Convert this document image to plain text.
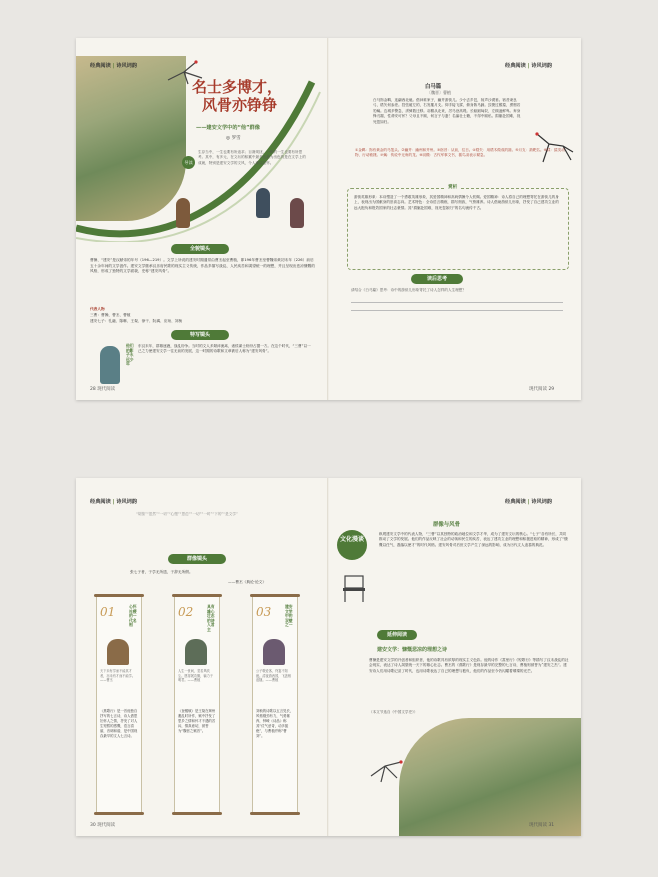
经典阅读 | 诗风词韵
名士多博才，
风骨亦铮铮
——建安文学中的“他”群像
◎ 罗雪
导读
生存当中，一生也要有所追求；百赛烦扰，一般的一生也要有所思考。其中，有多元，在文坛的积累中最多也最为出色的是在文学上的成就，特别是建安文学的文风，令人难以忘怀。
全貌镜头
曹操、“建安”是汉献帝的年号（196—219）。文学上所说的建安时期通常由曹丕起至曹植，即196年曹丕至曹魏帝黄初末年（226）前后五十余年间的文学创作。建安文学继承汉乐府民歌的现实主义传统，作品多描写战乱、人民疾苦和渴望统一的理想，并且呈现出悲凉慷慨的风格，形成了独特的文学面貌，史称“建安风骨”。
代表人物
三曹：曹操、曹丕、曹植
建安七子：孔融、陈琳、王粲、徐干、阮瑀、应玚、刘桢
特写镜头
他们的影子永远少年
东汉末年，群雄逐鹿，战乱纷争。当时的文人多颠沛流离，诸侯谋士纷纷占据一方。在这个时代，“三曹”以一己之力使建安文学一往无前的发展，这一时期的诗歌和文章被后人称为“建安风骨”。
28 现代阅读
经典阅读 | 诗风词韵
白马篇
〔魏晋〕曹植
白马饰金羁，连翩西北驰。借问谁家子，幽并游侠儿。少小去乡邑，扬声沙漠垂。宿昔秉良弓，楛矢何参差。控弦破左的，右发摧月支。仰手接飞猱，俯身散马蹄。狡捷过猴猿，勇剽若豹螭。边城多警急，虏骑数迁移。羽檄从北来，厉马登高堤。长驱蹈匈奴，左顾凌鲜卑。弃身锋刃端，性命安可怀？父母且不顾，何言子与妻！名编壮士籍，不得中顾私。捐躯赴国难，视死忽如归。
①金羁：饰有黄金的马笼头。②幽并：幽州和并州。③宿昔：从前，往日。④楛矢：用楛木做成的箭。⑤月支：箭靶名。⑥猱：猿类动物，行动敏捷。⑦螭：传说中无角的龙。⑧羽檄：古代军事文书，插鸟羽表示紧急。
赏析
游侠英雄形象：本诗塑造了一个勇敢英雄形象，其爱国精神和高尚情操令人钦佩。爱国精神：诗人将自己的理想寄托在游侠儿的身上，表现出为国献身的崇高志向。艺术特色：全诗语言精练，描写细致，气势雄浑。诗人借助游侠儿形象，抒发了自己建功立业的远大抱负和报效国家的壮志豪情。其“捐躯赴国难，视死忽如归”的名句流传千古。
读后思考
请结合《白马篇》思考：诗中的游侠儿形象寄托了诗人怎样的人生理想？
现代阅读 29
经典阅读 | 诗风词韵
“胡笳”“忽然”“一切”“心慢”“思虑”“一切”“一时”“下的”“是文学”
群像镜头
张七子者，于学无所遗，于辞无所假。
——曹丕《典论·论文》
01	心怀社稷的一代名相
天下未有学而不能其才者，亦未有才而不能学。——曹丕
《燕歌行》是一首他独自抒写的七言诗，诗人借思妇怀人之情，抒发了对人生短暂的感慨，语言清丽，音调和谐，是中国现存最早的文人七言诗。
02	具有雄心壮志的诗人君主
人生一世间，忽若风吹尘。愿得展功勤，输力于明君。——曹植
《登楼赋》是王粲在荆州避乱时所作，赋中抒发了思乡之情和怀才不遇的苦闷，情真意切，被誉为“魏晋之赋首”。
03	建安文学中的双壁之一
公子敬爱客，终宴不知疲。清夜游西园，飞盖相追随。——曹植
刘桢的诗歌以五言见长，风格刚劲有力，气势雄浑，钟嵘《诗品》称其“仗气爱奇，动多振绝”，与曹植并称“曹刘”。
30 现代阅读
经典阅读 | 诗风词韵
文化漫谈
群像与风骨
纵观建安文学中的代表人物，“三曹”以其独特的政治地位和文学才华，成为了建安文坛的核心。“七子”各有所长，共同推动了文学的发展。他们的作品反映了社会的动荡和民生的疾苦，表达了建功立业的理想和积极进取的精神，形成了“慷慨以任气，磊落以使才”的时代风格。建安风骨对后世文学产生了深远的影响，成为历代文人追慕的典范。
延伸阅读
建安文学：慷慨悲凉的理想之诗
曹操是建安文学的开创者和组织者，他的诗歌具有浓厚的现实主义色彩。他的诗作《蒿里行》《短歌行》等描写了汉末战乱的社会现实，表达了诗人渴望统一天下的雄心壮志。曹丕的《燕歌行》是现存最早的完整的七言诗，曹植则被誉为“建安之杰”。建安诗人们用诗歌记录了时代，也用诗歌表达了自己的理想与抱负，他们的作品至今仍闪耀着璀璨的光芒。
（本文节选自《中国文学史》）
现代阅读 31
